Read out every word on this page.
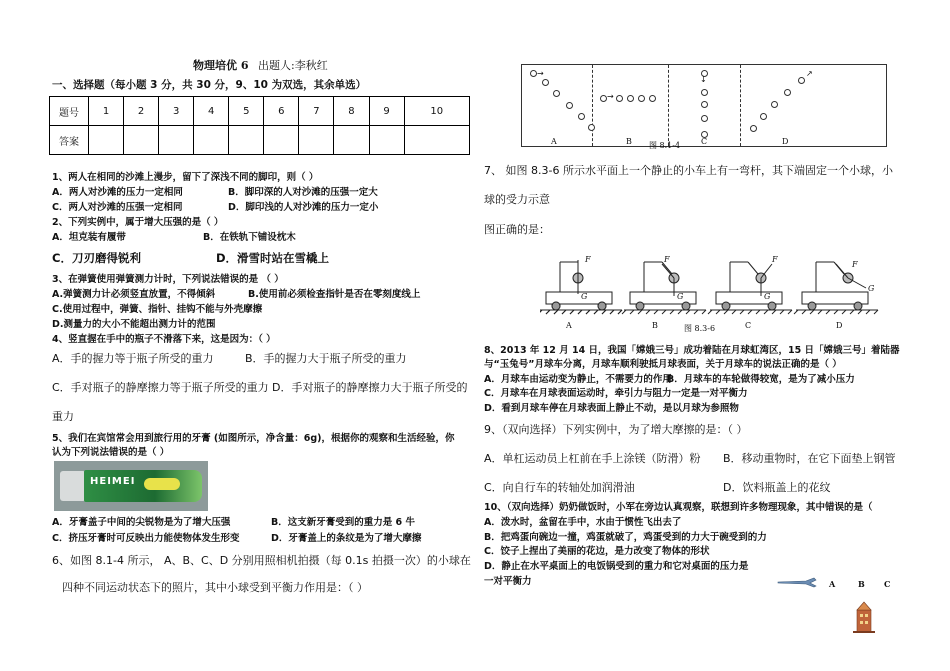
物理培优 6 出题人:李秋红
一、选择题（每小题 3 分，共 30 分，9、10 为双选，其余单选）
题号	1	2	3	4	5	6	7	8	9	10
答案										
1、两人在相同的沙滩上漫步，留下了深浅不同的脚印，则（ ）
A．两人对沙滩的压力一定相同	B．脚印深的人对沙滩的压强一定大
C．两人对沙滩的压强一定相同	D．脚印浅的人对沙滩的压力一定小
2、下列实例中，属于增大压强的是（ ）
A．坦克装有履带	B．在铁轨下铺设枕木
C．刀刃磨得锐利	D．滑雪时站在雪橇上
3、在弹簧使用弹簧测力计时，下列说法错误的是 （ ）
A.弹簧测力计必须竖直放置，不得倾斜	B.使用前必须检查指针是否在零刻度线上
C.使用过程中，弹簧、指针、挂钩不能与外壳摩擦
D.测量力的大小不能超出测力计的范围
4、竖直握在手中的瓶子不滑落下来，这是因为：（ ）
A．手的握力等于瓶子所受的重力	B．手的握力大于瓶子所受的重力
C．手对瓶子的静摩擦力等于瓶子所受的重力 D．手对瓶子的静摩擦力大于瓶子所受的
重力
5、我们在宾馆常会用到旅行用的牙膏 (如图所示，净含量：6g)，根据你的观察和生活经验，你
认为下列说法错误的是（ ）
HEIMEI
A．牙膏盖子中间的尖锐物是为了增大压强	B．这支新牙膏受到的重力是 6 牛
C．挤压牙膏时可反映出力能使物体发生形变	D．牙膏盖上的条纹是为了增大摩擦
6、如图 8.1-4 所示， A、B、C、D 分别用照相机拍摄（每 0.1s 拍摄一次）的小球在
四种不同运动状态下的照片，其中小球受到平衡力作用是：（ ）
→
→
↓
↗
A	B 图 8.1-4	C	D
7、 如图 8.3-6 所示水平面上一个静止的小车上有一弯杆，其下端固定一个小球，小
球的受力示意
图正确的是：
F
G
F
G
F
G
F
G
A	B	图 8.3-6	C	D
8、2013 年 12 月 14 日，我国「嫦娥三号」成功着陆在月球虹湾区，15 日「嫦娥三号」着陆器
与“玉兔号”月球车分离，月球车顺利驶抵月球表面，关于月球车的说法正确的是（ ）
A．月球车由运动变为静止，不需要力的作用
B．月球车的车轮做得较宽，是为了减小压力
C．月球车在月球表面运动时，牵引力与阻力一定是一对平衡力
D．看到月球车停在月球表面上静止不动，是以月球为参照物
9、（双向选择）下列实例中，为了增大摩擦的是：（ ）
A．单杠运动员上杠前在手上涂镁（防滑）粉 B．移动重物时，在它下面垫上钢管
C．向自行车的转轴处加润滑油	D．饮料瓶盖上的花纹
10、（双向选择）奶奶做饭时，小军在旁边认真观察，联想到许多物理现象，其中错误的是（
A．泼水时，盆留在手中，水由于惯性飞出去了
B．把鸡蛋向碗边一撞，鸡蛋就破了，鸡蛋受到的力大于碗受到的力
C．饺子上捏出了美丽的花边，是力改变了物体的形状
D．静止在水平桌面上的电饭锅受到的重力和它对桌面的压力是
一对平衡力	A	B C
